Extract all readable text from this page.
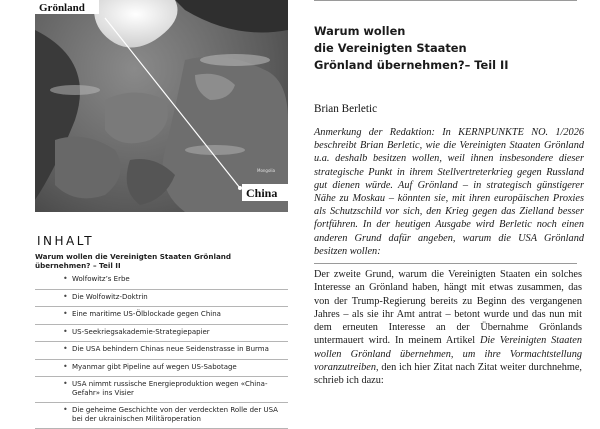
Grönland
China
Mongolia
INHALT
Warum wollen die Vereinigten Staaten Grönland übernehmen? – Teil II
• Wolfowitz’s Erbe
• Die Wolfowitz-Doktrin
• Eine maritime US-Ölblockade gegen China
• US-Seekriegsakademie-Strategiepapier
• Die USA behindern Chinas neue Seidenstrasse in Burma
• Myanmar gibt Pipeline auf wegen US-Sabotage
• USA nimmt russische Energieproduktion wegen «China-Gefahr» ins Visier
• Die geheime Geschichte von der verdeckten Rolle der USA bei der ukrainischen Militäroperation
Warum wollen
die Vereinigten Staaten
Grönland übernehmen?– Teil II
Brian Berletic
Anmerkung der Redaktion: In KERNPUNKTE NO. 1/2026 beschreibt Brian Berletic, wie die Vereinigten Staaten Grönland u.a. deshalb besitzen wollen, weil ihnen insbesondere dieser strategische Punkt in ihrem Stellvertreterkrieg gegen Russland gut dienen würde. Auf Grönland – in strategisch günstigerer Nähe zu Moskau – könnten sie, mit ihren europäischen Proxies als Schutzschild vor sich, den Krieg gegen das Zielland besser fortführen. In der heutigen Ausgabe wird Berletic noch einen anderen Grund dafür angeben, warum die USA Grönland besitzen wollen:
Der zweite Grund, warum die Vereinigten Staaten ein solches Interesse an Grönland haben, hängt mit etwas zusammen, das von der Trump-Regierung bereits zu Beginn des vergangenen Jahres – als sie ihr Amt antrat – betont wurde und das nun mit dem erneuten Interesse an der Übernahme Grönlands untermauert wird. In meinem Artikel Die Vereinigten Staaten wollen Grönland übernehmen, um ihre Vormachtstellung voranzutreiben, den ich hier Zitat nach Zitat weiter durchnehme, schrieb ich dazu:
